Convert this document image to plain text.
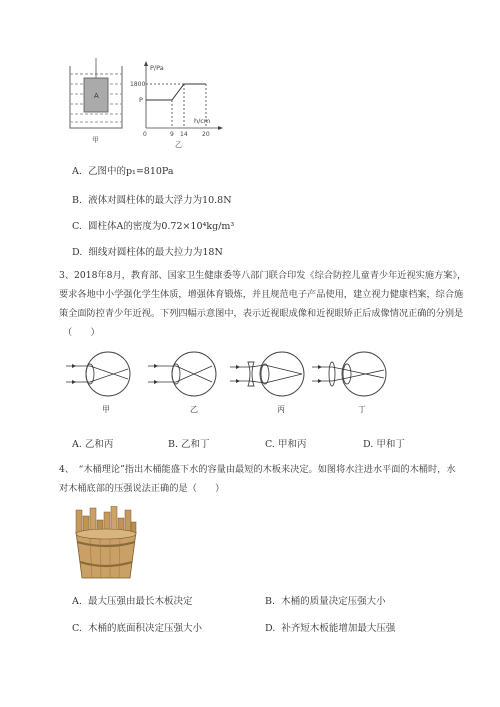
A
甲
P/Pa
1800
P
h/cm
0	9 14 20
乙
A. 乙图中的p₁=810Pa
B. 液体对圆柱体的最大浮力为10.8N
C. 圆柱体A的密度为0.72×10⁴kg/m³
D. 细线对圆柱体的最大拉力为18N
3、2018年8月，教育部、国家卫生健康委等八部门联合印发《综合防控儿童青少年近视实施方案》，
要求各地中小学强化学生体质，增强体育锻炼，并且规范电子产品使用，建立视力健康档案，综合施
策全面防控青少年近视。下列四幅示意图中，表示近视眼成像和近视眼矫正后成像情况正确的分别是
（　　）
甲	乙	丙	丁
A. 乙和丙	B. 乙和丁	C. 甲和丙	D. 甲和丁
4、　“木桶理论”指出木桶能盛下水的容量由最短的木板来决定。如图将水注进水平面的木桶时，水
对木桶底部的压强说法正确的是（　　）
A. 最大压强由最长木板决定	B. 木桶的质量决定压强大小
C. 木桶的底面积决定压强大小	D. 补齐短木板能增加最大压强
